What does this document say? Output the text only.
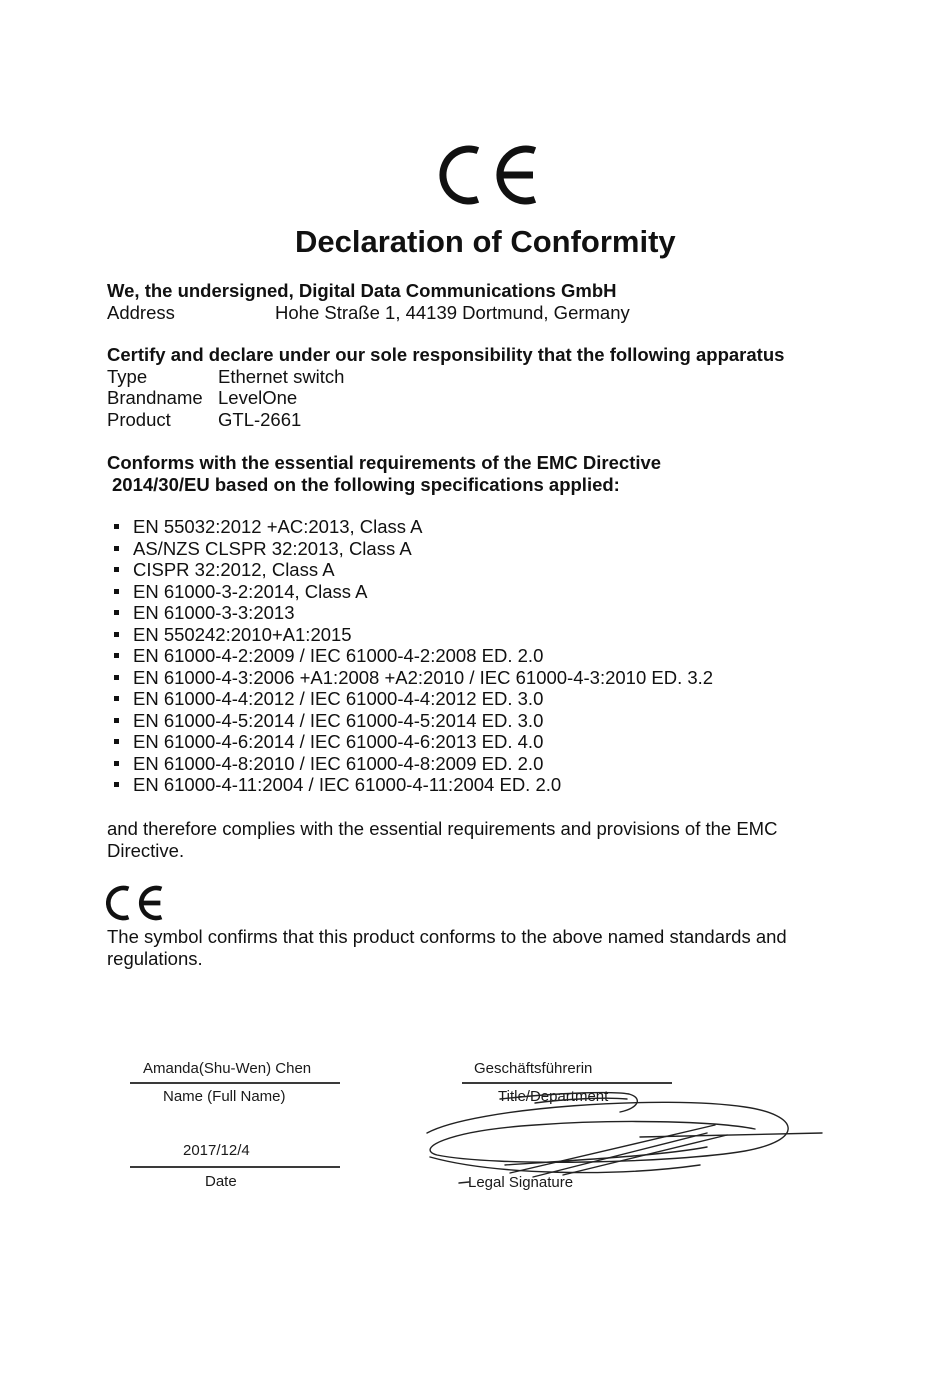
Declaration of Conformity
We, the undersigned, Digital Data Communications GmbH
Address	Hohe Straße 1, 44139 Dortmund, Germany
Certify and declare under our sole responsibility that the following apparatus
Type	Ethernet switch
Brandname LevelOne
Product	GTL-2661
Conforms with the essential requirements of the EMC Directive
2014/30/EU based on the following specifications applied:
EN 55032:2012 +AC:2013, Class A
AS/NZS CLSPR 32:2013, Class A
CISPR 32:2012, Class A
EN 61000-3-2:2014, Class A
EN 61000-3-3:2013
EN 550242:2010+A1:2015
EN 61000-4-2:2009 / IEC 61000-4-2:2008 ED. 2.0
EN 61000-4-3:2006 +A1:2008 +A2:2010 / IEC 61000-4-3:2010 ED. 3.2
EN 61000-4-4:2012 / IEC 61000-4-4:2012 ED. 3.0
EN 61000-4-5:2014 / IEC 61000-4-5:2014 ED. 3.0
EN 61000-4-6:2014 / IEC 61000-4-6:2013 ED. 4.0
EN 61000-4-8:2010 / IEC 61000-4-8:2009 ED. 2.0
EN 61000-4-11:2004 / IEC 61000-4-11:2004 ED. 2.0
and therefore complies with the essential requirements and provisions of the EMC
Directive.
The symbol confirms that this product conforms to the above named standards and
regulations.
Amanda(Shu-Wen) Chen
Name (Full Name)
2017/12/4
Date
Geschäftsführerin
Title/Department
Legal Signature
